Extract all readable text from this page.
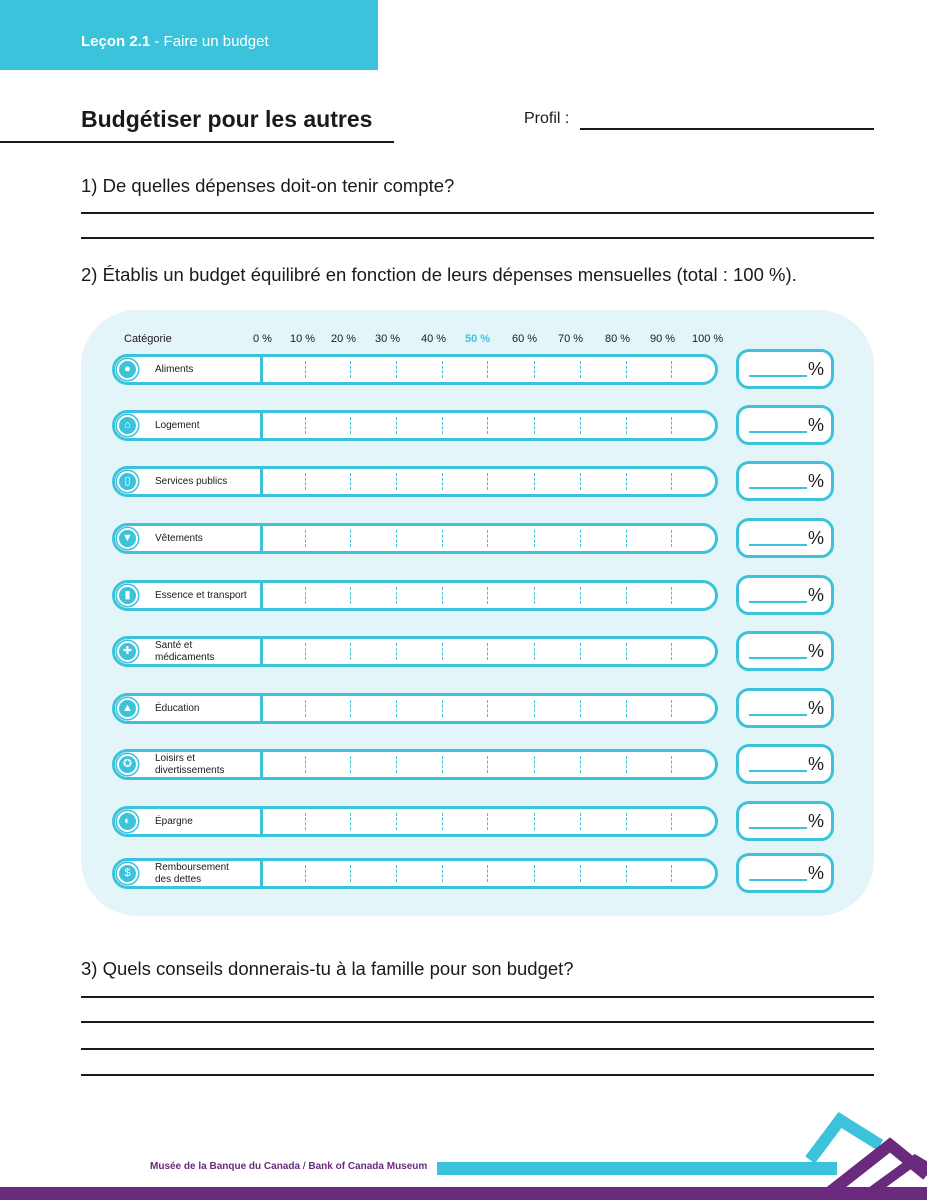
Leçon 2.1 - Faire un budget
Budgétiser pour les autres	Profil :
1) De quelles dépenses doit-on tenir compte?
2) Établis un budget équilibré en fonction de leurs dépenses mensuelles (total : 100 %).
Catégorie	0 % 10 % 20 % 30 % 40 % 50 % 60 % 70 % 80 % 90 % 100 %
●	Aliments	%
⌂	Logement	%
▯	Services publics	%
▼	Vêtements	%
▮	Essence et transport	%
✚	Santé et
médicaments	%
▲	Éducation	%
✪	Loisirs et
divertissements	%
◐	Épargne	%
$	Remboursement
des dettes	%
3) Quels conseils donnerais-tu à la famille pour son budget?
Musée de la Banque du Canada / Bank of Canada Museum
